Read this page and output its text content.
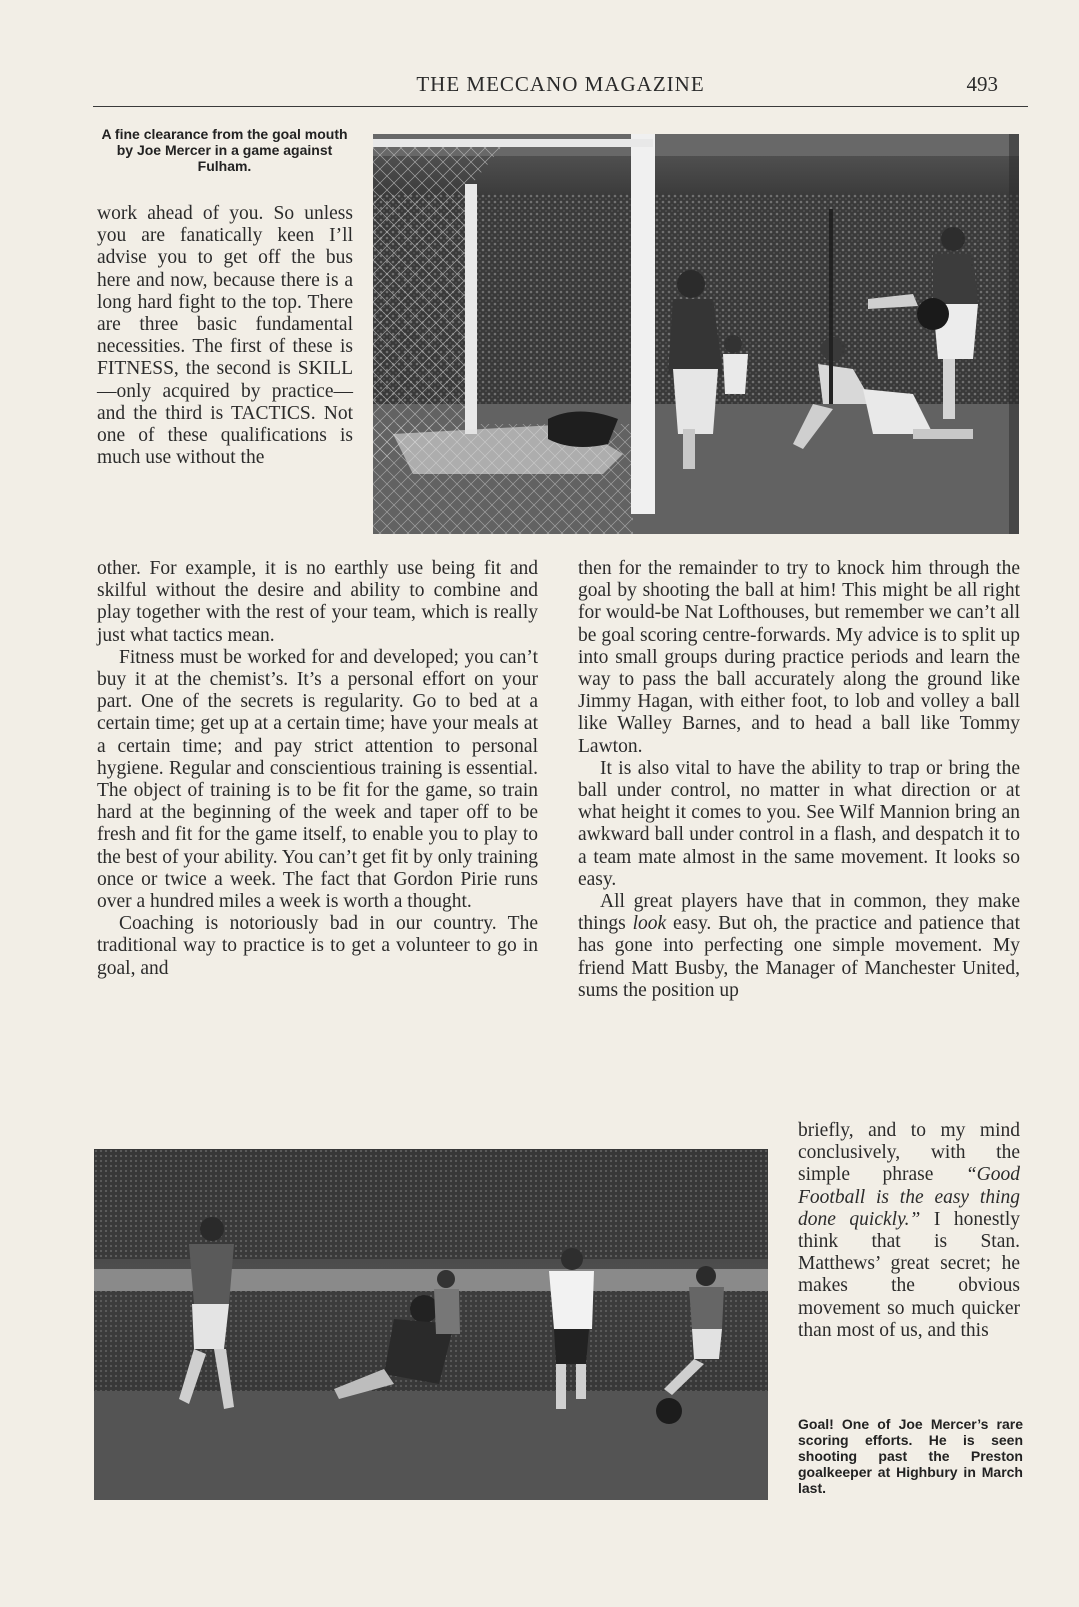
THE MECCANO MAGAZINE	493
A fine clearance from the goal mouth by Joe Mercer in a game against Fulham.

work ahead of you. So unless you are fanatically keen I’ll advise you to get off the bus here and now, because there is a long hard fight to the top. There are three basic fundamental necessities. The first of these is FITNESS, the second is SKILL—only acquired by practice—and the third is TACTICS. Not one of these qualifications is much use without the

other. For example, it is no earthly use being fit and skilful without the desire and ability to combine and play together with the rest of your team, which is really just what tactics mean.

Fitness must be worked for and developed; you can’t buy it at the chemist’s. It’s a personal effort on your part. One of the secrets is regularity. Go to bed at a certain time; get up at a certain time; have your meals at a certain time; and pay strict attention to personal hygiene. Regular and conscientious training is essential. The object of training is to be fit for the game, so train hard at the beginning of the week and taper off to be fresh and fit for the game itself, to enable you to play to the best of your ability. You can’t get fit by only training once or twice a week. The fact that Gordon Pirie runs over a hundred miles a week is worth a thought.

Coaching is notoriously bad in our country. The traditional way to practice is to get a volunteer to go in goal, and

then for the remainder to try to knock him through the goal by shooting the ball at him! This might be all right for would-be Nat Lofthouses, but remember we can’t all be goal scoring centre-forwards. My advice is to split up into small groups during practice periods and learn the way to pass the ball accurately along the ground like Jimmy Hagan, with either foot, to lob and volley a ball like Walley Barnes, and to head a ball like Tommy Lawton.

It is also vital to have the ability to trap or bring the ball under control, no matter in what direction or at what height it comes to you. See Wilf Mannion bring an awkward ball under control in a flash, and despatch it to a team mate almost in the same movement. It looks so easy.

All great players have that in common, they make things look easy. But oh, the practice and patience that has gone into perfecting one simple movement. My friend Matt Busby, the Manager of Manchester United, sums the position up

briefly, and to my mind conclusively, with the simple phrase “Good Football is the easy thing done quickly.” I honestly think that is Stan. Matthews’ great secret; he makes the obvious movement so much quicker than most of us, and this

Goal! One of Joe Mercer’s rare scoring efforts. He is seen shooting past the Preston goalkeeper at Highbury in March last.
